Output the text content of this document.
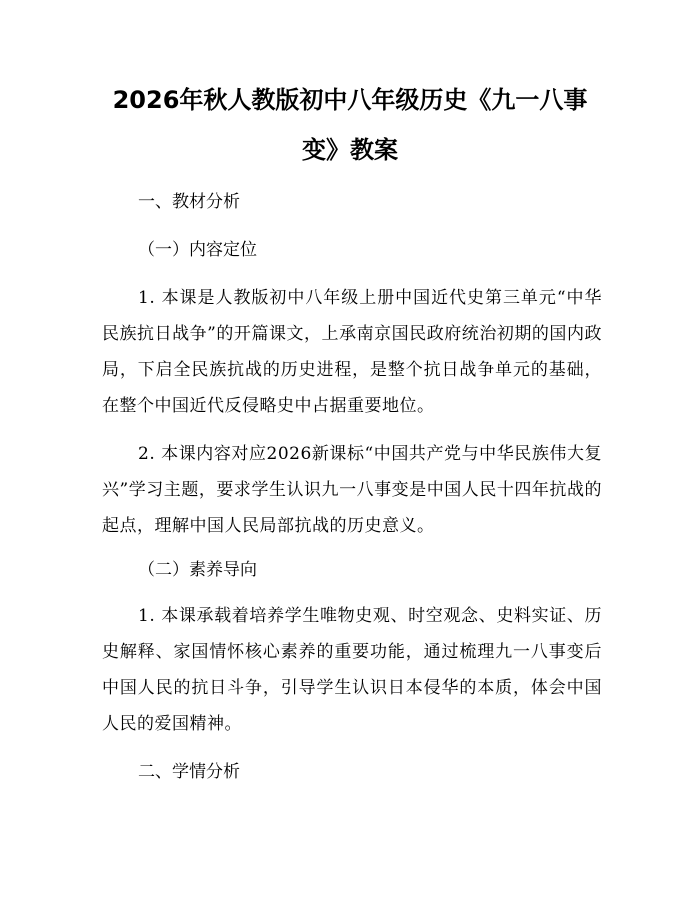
2026年秋人教版初中八年级历史《九一八事变》教案

一、教材分析

（一）内容定位

1. 本课是人教版初中八年级上册中国近代史第三单元“中华民族抗日战争”的开篇课文，上承南京国民政府统治初期的国内政局，下启全民族抗战的历史进程，是整个抗日战争单元的基础，在整个中国近代反侵略史中占据重要地位。

2. 本课内容对应2026新课标“中国共产党与中华民族伟大复兴”学习主题，要求学生认识九一八事变是中国人民十四年抗战的起点，理解中国人民局部抗战的历史意义。

（二）素养导向

1. 本课承载着培养学生唯物史观、时空观念、史料实证、历史解释、家国情怀核心素养的重要功能，通过梳理九一八事变后中国人民的抗日斗争，引导学生认识日本侵华的本质，体会中国人民的爱国精神。

二、学情分析
